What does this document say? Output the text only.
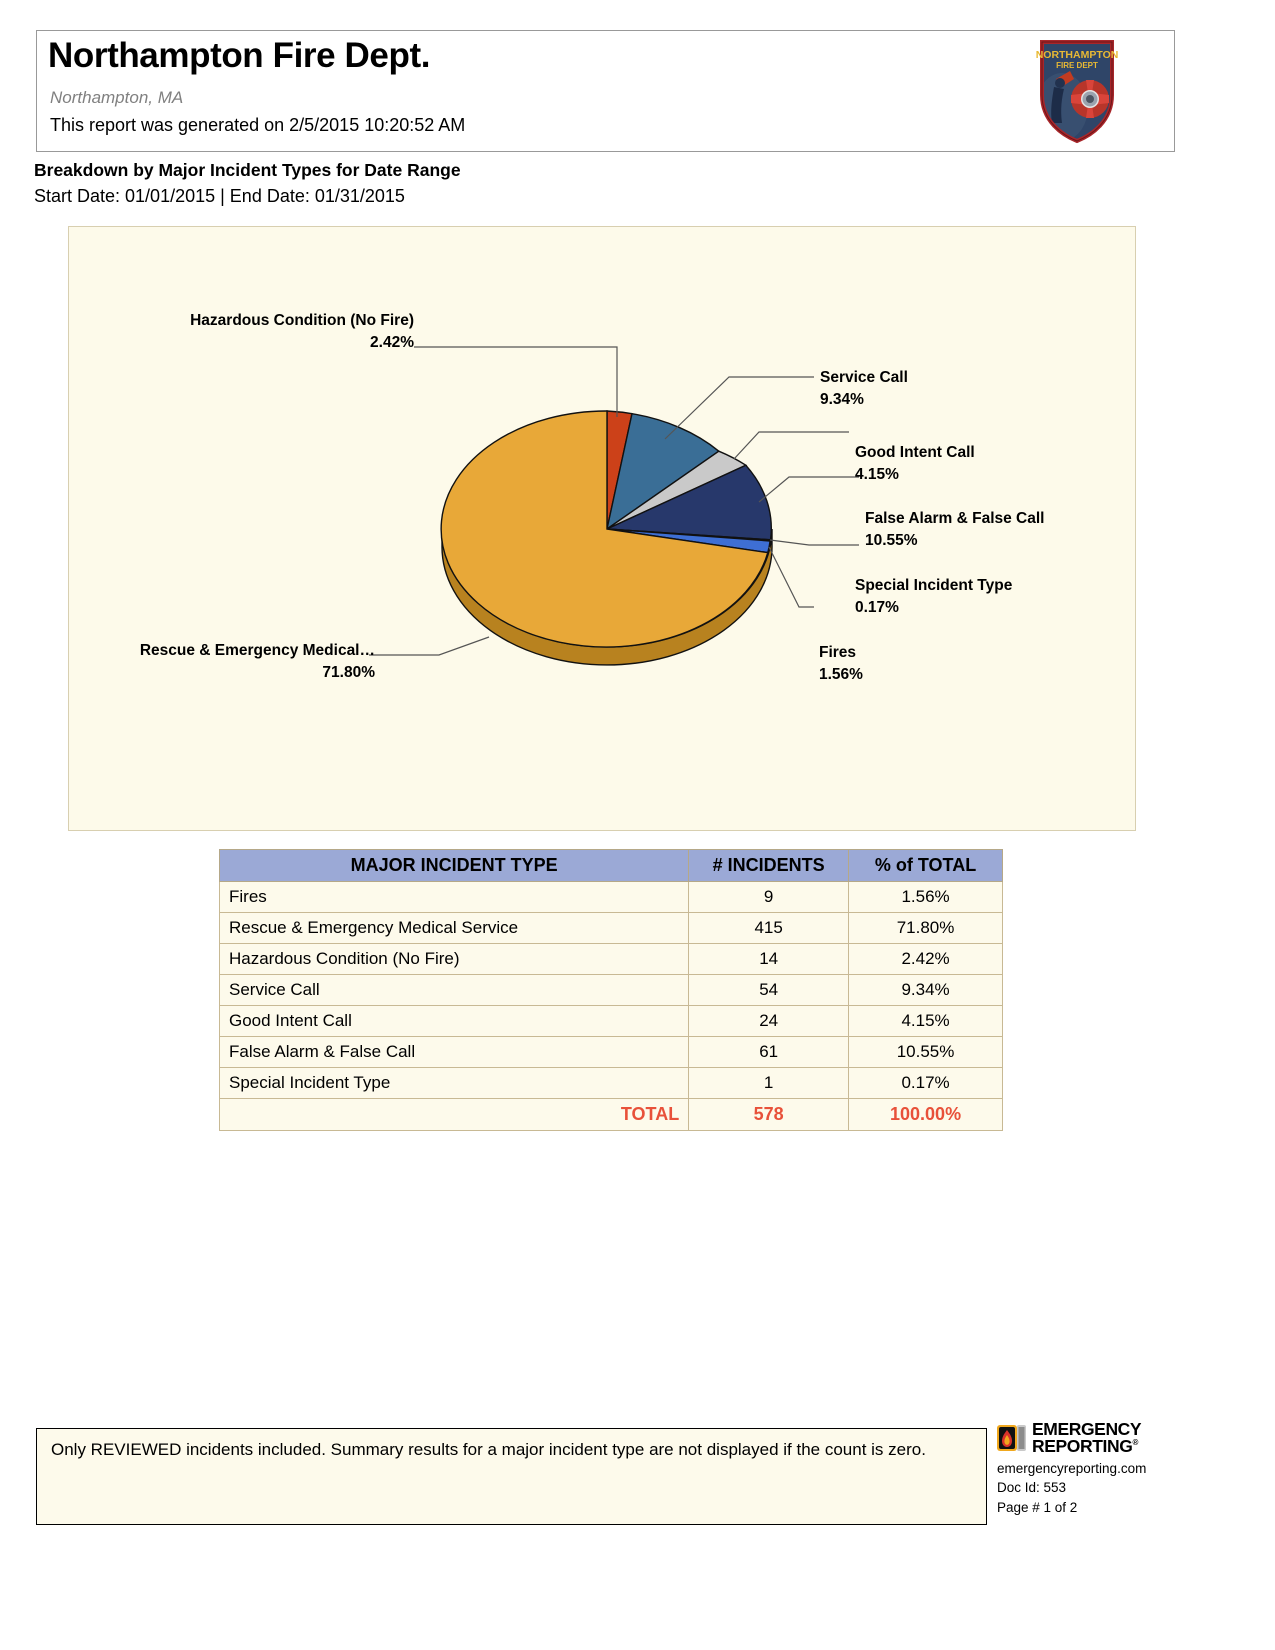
Northampton Fire Dept.
Northampton, MA
This report was generated on 2/5/2015 10:20:52 AM
NORTHAMPTON
FIRE DEPT
Breakdown by Major Incident Types for Date Range
Start Date: 01/01/2015 | End Date: 01/31/2015
Hazardous Condition (No Fire)
2.42%
Service Call
9.34%
Good Intent Call
4.15%
False Alarm & False Call
10.55%
Special Incident Type
0.17%
Fires
1.56%
Rescue & Emergency Medical…
71.80%
MAJOR INCIDENT TYPE	# INCIDENTS	% of TOTAL
Fires	9	1.56%
Rescue & Emergency Medical Service	415	71.80%
Hazardous Condition (No Fire)	14	2.42%
Service Call	54	9.34%
Good Intent Call	24	4.15%
False Alarm & False Call	61	10.55%
Special Incident Type	1	0.17%
TOTAL	578	100.00%
Only REVIEWED incidents included. Summary results for a major incident type are not displayed if the count is zero.
EMERGENCY
REPORTING®
emergencyreporting.com
Doc Id: 553
Page # 1 of 2
